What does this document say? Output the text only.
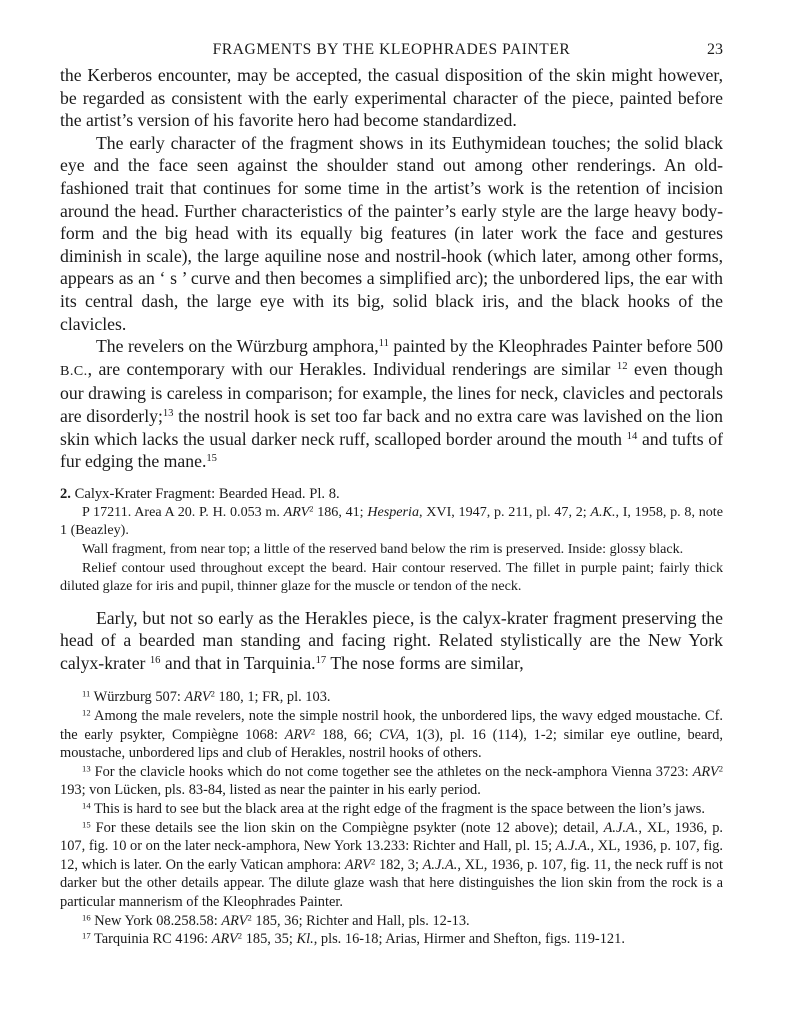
FRAGMENTS BY THE KLEOPHRADES PAINTER	23

the Kerberos encounter, may be accepted, the casual disposition of the skin might however, be regarded as consistent with the early experimental character of the piece, painted before the artist’s version of his favorite hero had become standardized.

The early character of the fragment shows in its Euthymidean touches; the solid black eye and the face seen against the shoulder stand out among other renderings. An old-fashioned trait that continues for some time in the artist’s work is the retention of incision around the head. Further characteristics of the painter’s early style are the large heavy body-form and the big head with its equally big features (in later work the face and gestures diminish in scale), the large aquiline nose and nostril-hook (which later, among other forms, appears as an ‘ s ’ curve and then becomes a simplified arc); the unbordered lips, the ear with its central dash, the large eye with its big, solid black iris, and the black hooks of the clavicles.

The revelers on the Würzburg amphora,$^{11}$ painted by the Kleophrades Painter before 500 B.C., are contemporary with our Herakles. Individual renderings are similar $^{12}$ even though our drawing is careless in comparison; for example, the lines for neck, clavicles and pectorals are disorderly;$^{13}$ the nostril hook is set too far back and no extra care was lavished on the lion skin which lacks the usual darker neck ruff, scalloped border around the mouth $^{14}$ and tufts of fur edging the mane.$^{15}$

2. Calyx-Krater Fragment: Bearded Head. Pl. 8.

P 17211. Area A 20. P. H. 0.053 m. ARV$^2$ 186, 41; Hesperia, XVI, 1947, p. 211, pl. 47, 2; A.K., I, 1958, p. 8, note 1 (Beazley).

Wall fragment, from near top; a little of the reserved band below the rim is preserved. Inside: glossy black.

Relief contour used throughout except the beard. Hair contour reserved. The fillet in purple paint; fairly thick diluted glaze for iris and pupil, thinner glaze for the muscle or tendon of the neck.

Early, but not so early as the Herakles piece, is the calyx-krater fragment preserving the head of a bearded man standing and facing right. Related stylistically are the New York calyx-krater $^{16}$ and that in Tarquinia.$^{17}$ The nose forms are similar,

$^{11}$ Würzburg 507: ARV$^2$ 180, 1; FR, pl. 103.

$^{12}$ Among the male revelers, note the simple nostril hook, the unbordered lips, the wavy edged moustache. Cf. the early psykter, Compiègne 1068: ARV$^2$ 188, 66; CVA, 1(3), pl. 16 (114), 1-2; similar eye outline, beard, moustache, unbordered lips and club of Herakles, nostril hooks of others.

$^{13}$ For the clavicle hooks which do not come together see the athletes on the neck-amphora Vienna 3723: ARV$^2$ 193; von Lücken, pls. 83-84, listed as near the painter in his early period.

$^{14}$ This is hard to see but the black area at the right edge of the fragment is the space between the lion’s jaws.

$^{15}$ For these details see the lion skin on the Compiègne psykter (note 12 above); detail, A.J.A., XL, 1936, p. 107, fig. 10 or on the later neck-amphora, New York 13.233: Richter and Hall, pl. 15; A.J.A., XL, 1936, p. 107, fig. 12, which is later. On the early Vatican amphora: ARV$^2$ 182, 3; A.J.A., XL, 1936, p. 107, fig. 11, the neck ruff is not darker but the other details appear. The dilute glaze wash that here distinguishes the lion skin from the rock is a particular mannerism of the Kleophrades Painter.

$^{16}$ New York 08.258.58: ARV$^2$ 185, 36; Richter and Hall, pls. 12-13.

$^{17}$ Tarquinia RC 4196: ARV$^2$ 185, 35; Kl., pls. 16-18; Arias, Hirmer and Shefton, figs. 119-121.
